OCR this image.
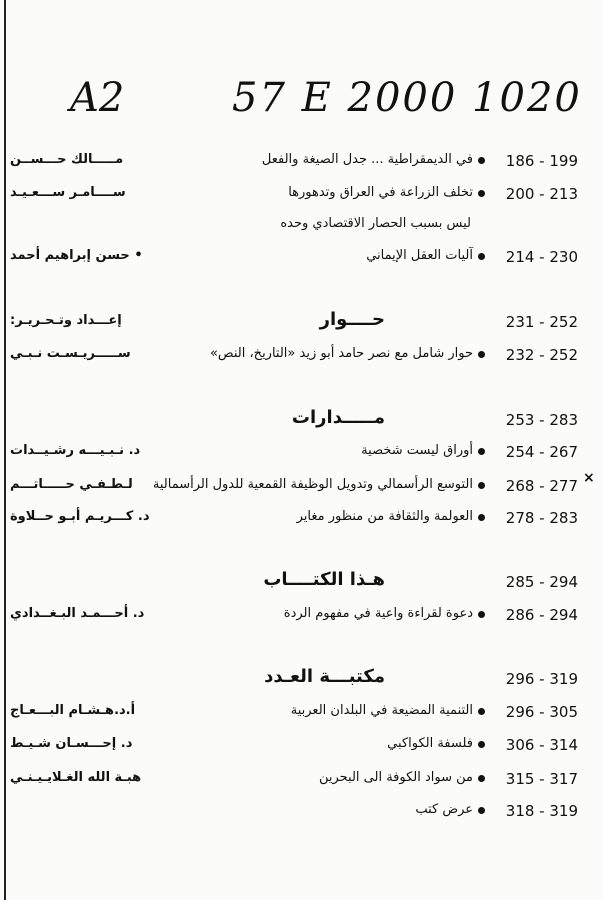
A2	57 E 2000 1020
186 - 199
في الديمقراطية ... جدل الصيغة والفعل
مـــــالك حـــســن
200 - 213
تخلف الزراعة في العراق وتدهورها
ســــامـر ســـعـيـد
ليس بسبب الحصار الاقتصادي وحده
214 - 230
آليات العقل الإيماني
• حسن إبراهيم أحمد
232 - 252
حوار شامل مع نصر حامد أبو زيد «التاريخ، النص»
ســـــريـسـت نـبـي
254 - 267
أوراق ليست شخصية
د. نـبـيـــه رشـيــدات
268 - 277
التوسع الرأسمالي وتدويل الوظيفة القمعية للدول الرأسمالية
لـطـفـي حـــــاتـــم
278 - 283
العولمة والثقافة من منظور مغاير
د. كـــريـم أبـو حــلاوة
286 - 294
دعوة لقراءة واعية في مفهوم الردة
د. أحـــمـد البـغــدادي
296 - 305
التنمية المضيعة في البلدان العربية
أ.د.هـشـام البـــعـاج
306 - 314
فلسفة الكواكبي
د. إحـــسـان شـيـط
315 - 317
من سواد الكوفة الى البحرين
هبـة الله الغـلايـيـنـي
318 - 319
عرض كتب
231 - 252
حــــوار
إعـــداد وتـحـريـر:
253 - 283
مـــــدارات
285 - 294
هـذا الكتــــاب
296 - 319
مكتبـــة العـدد
×
